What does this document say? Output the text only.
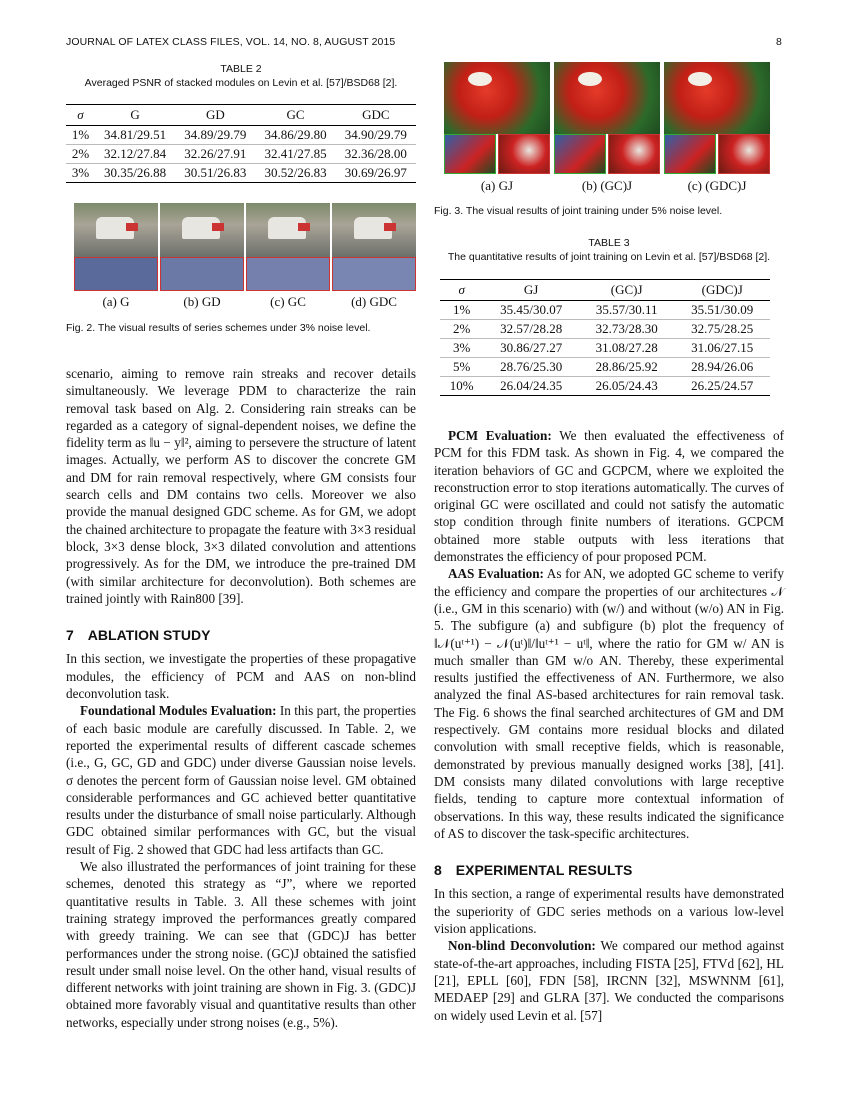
JOURNAL OF LATEX CLASS FILES, VOL. 14, NO. 8, AUGUST 2015	8
TABLE 2
Averaged PSNR of stacked modules on Levin et al. [57]/BSD68 [2].
σ	G	GD	GC	GDC
1%	34.81/29.51	34.89/29.79	34.86/29.80	34.90/29.79
2%	32.12/27.84	32.26/27.91	32.41/27.85	32.36/28.00
3%	30.35/26.88	30.51/26.83	30.52/26.83	30.69/26.97
(a) G	(b) GD	(c) GC	(d) GDC
Fig. 2. The visual results of series schemes under 3% noise level.
(a) GJ	(b) (GC)J	(c) (GDC)J
Fig. 3. The visual results of joint training under 5% noise level.
TABLE 3
The quantitative results of joint training on Levin et al. [57]/BSD68 [2].
σ	GJ	(GC)J	(GDC)J
1%	35.45/30.07	35.57/30.11	35.51/30.09
2%	32.57/28.28	32.73/28.30	32.75/28.25
3%	30.86/27.27	31.08/27.28	31.06/27.15
5%	28.76/25.30	28.86/25.92	28.94/26.06
10%	26.04/24.35	26.05/24.43	26.25/24.57

scenario, aiming to remove rain streaks and recover details simultaneously. We leverage PDM to characterize the rain removal task based on Alg. 2. Considering rain streaks can be regarded as a category of signal-dependent noises, we define the fidelity term as ‖u − y‖², aiming to persevere the structure of latent images. Actually, we perform AS to discover the concrete GM and DM for rain removal respectively, where GM consists four search cells and DM contains two cells. Moreover we also provide the manual designed GDC scheme. As for GM, we adopt the chained architecture to propagate the feature with 3×3 residual block, 3×3 dense block, 3×3 dilated convolution and attentions progressively. As for the DM, we introduce the pre-trained DM (with similar architecture for deconvolution). Both schemes are trained jointly with Rain800 [39].

7 ABLATION STUDY

In this section, we investigate the properties of these propagative modules, the efficiency of PCM and AAS on non-blind deconvolution task.

Foundational Modules Evaluation: In this part, the properties of each basic module are carefully discussed. In Table. 2, we reported the experimental results of different cascade schemes (i.e., G, GC, GD and GDC) under diverse Gaussian noise levels. σ denotes the percent form of Gaussian noise level. GM obtained considerable performances and GC achieved better quantitative results under the disturbance of small noise particularly. Although GDC obtained similar performances with GC, but the visual result of Fig. 2 showed that GDC had less artifacts than GC.

We also illustrated the performances of joint training for these schemes, denoted this strategy as “J”, where we reported quantitative results in Table. 3. All these schemes with joint training strategy improved the performances greatly compared with greedy training. We can see that (GDC)J has better performances under the strong noise. (GC)J obtained the satisfied result under small noise level. On the other hand, visual results of different networks with joint training are shown in Fig. 3. (GDC)J obtained more favorably visual and quantitative results than other networks, especially under strong noises (e.g., 5%).

PCM Evaluation: We then evaluated the effectiveness of PCM for this FDM task. As shown in Fig. 4, we compared the iteration behaviors of GC and GCPCM, where we exploited the reconstruction error to stop iterations automatically. The curves of original GC were oscillated and could not satisfy the automatic stop condition through finite numbers of iterations. GCPCM obtained more stable outputs with less iterations that demonstrates the efficiency of pour proposed PCM.

AAS Evaluation: As for AN, we adopted GC scheme to verify the efficiency and compare the properties of our architectures 𝒩 (i.e., GM in this scenario) with (w/) and without (w/o) AN in Fig. 5. The subfigure (a) and subfigure (b) plot the frequency of ‖𝒩(uᵗ⁺¹) − 𝒩(uᵗ)‖/‖uᵗ⁺¹ − uᵗ‖, where the ratio for GM w/ AN is much smaller than GM w/o AN. Thereby, these experimental results justified the effectiveness of AN. Furthermore, we also analyzed the final AS-based architectures for rain removal task. The Fig. 6 shows the final searched architectures of GM and DM respectively. GM contains more residual blocks and dilated convolution with small receptive fields, which is reasonable, demonstrated by previous manually designed works [38], [41]. DM consists many dilated convolutions with large receptive fields, tending to capture more contextual information of observations. In this way, these results indicated the significance of AS to discover the task-specific architectures.

8 EXPERIMENTAL RESULTS

In this section, a range of experimental results have demonstrated the superiority of GDC series methods on a various low-level vision applications.

Non-blind Deconvolution: We compared our method against state-of-the-art approaches, including FISTA [25], FTVd [62], HL [21], EPLL [60], FDN [58], IRCNN [32], MSWNNM [61], MEDAEP [29] and GLRA [37]. We conducted the comparisons on widely used Levin et al. [57]
